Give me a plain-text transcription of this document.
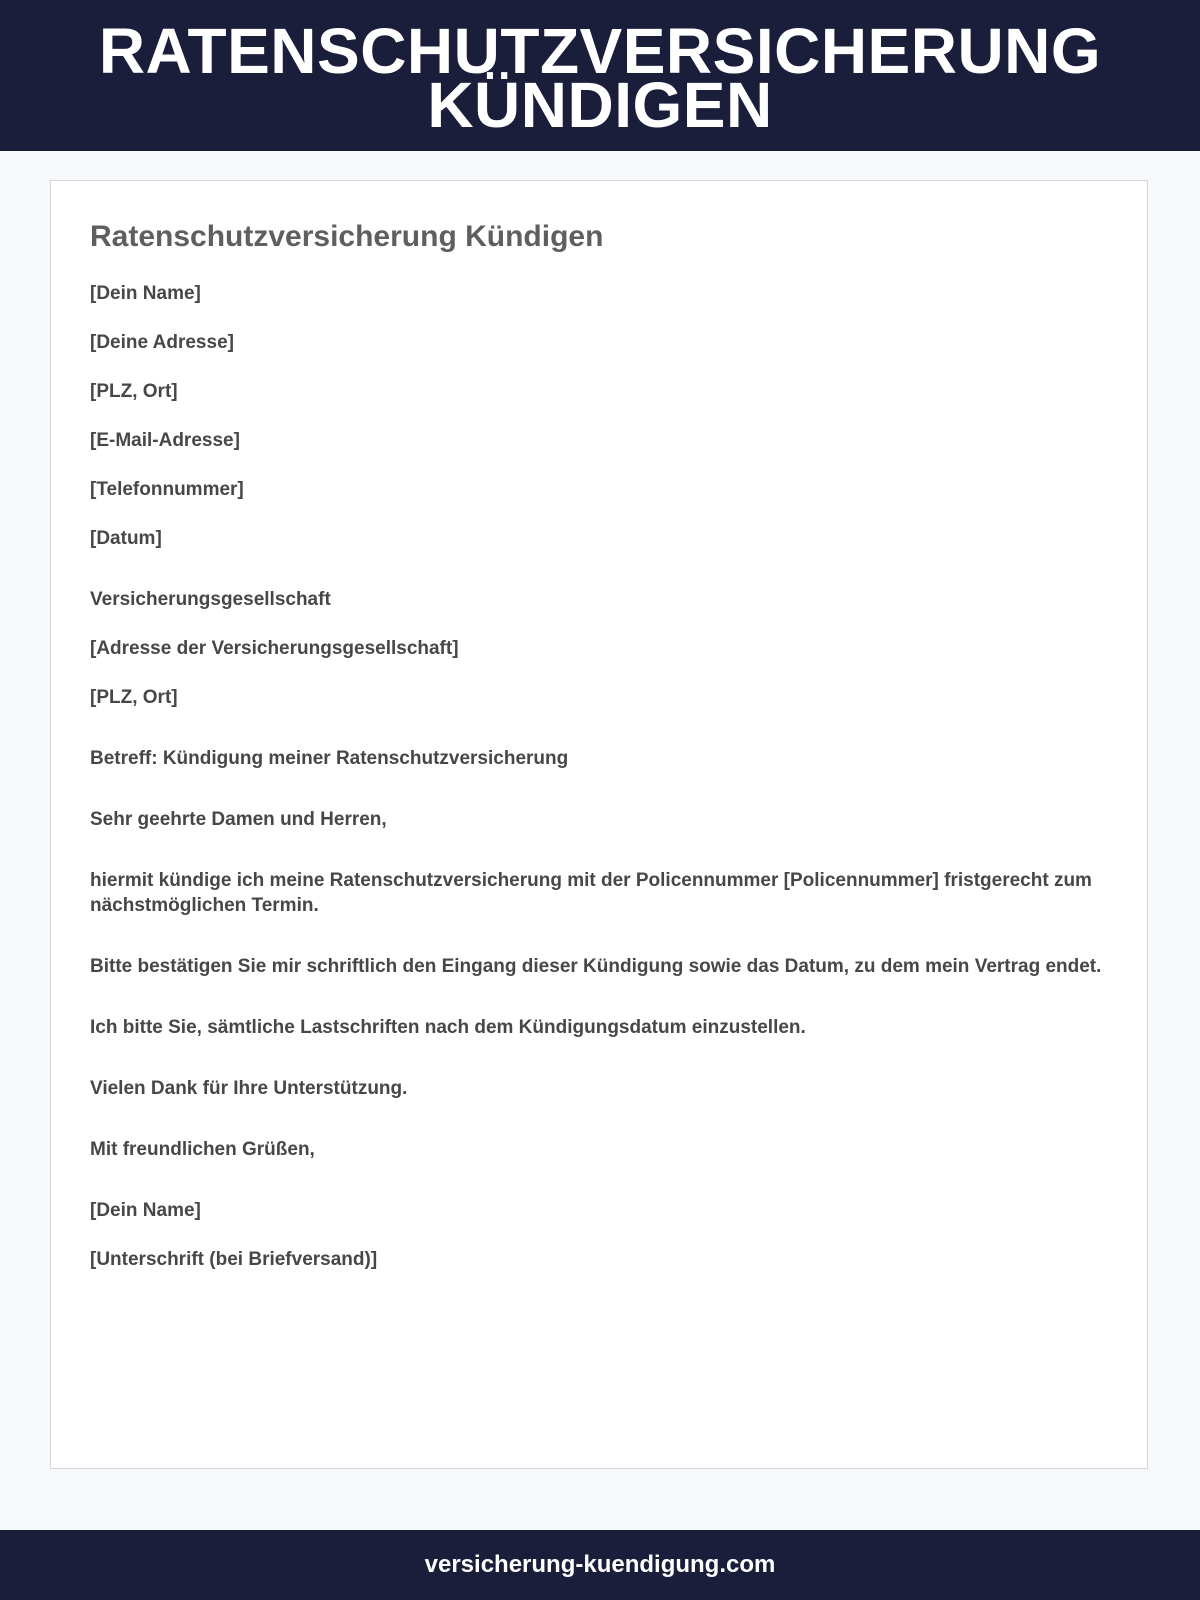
RATENSCHUTZVERSICHERUNG KÜNDIGEN
Ratenschutzversicherung Kündigen

[Dein Name]

[Deine Adresse]

[PLZ, Ort]

[E-Mail-Adresse]

[Telefonnummer]

[Datum]

Versicherungsgesellschaft

[Adresse der Versicherungsgesellschaft]

[PLZ, Ort]

Betreff: Kündigung meiner Ratenschutzversicherung

Sehr geehrte Damen und Herren,

hiermit kündige ich meine Ratenschutzversicherung mit der Policennummer [Policennummer] fristgerecht zum nächstmöglichen Termin.

Bitte bestätigen Sie mir schriftlich den Eingang dieser Kündigung sowie das Datum, zu dem mein Vertrag endet.

Ich bitte Sie, sämtliche Lastschriften nach dem Kündigungsdatum einzustellen.

Vielen Dank für Ihre Unterstützung.

Mit freundlichen Grüßen,

[Dein Name]

[Unterschrift (bei Briefversand)]

versicherung-kuendigung.com
